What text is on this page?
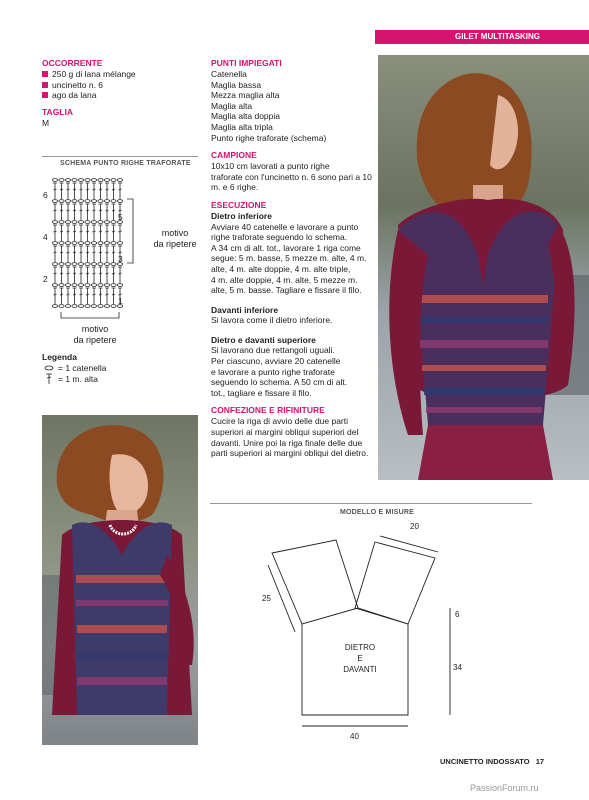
GILET MULTITASKING
OCCORRENTE
250 g di lana mélange
uncinetto n. 6
ago da lana
TAGLIA
M
SCHEMA PUNTO RIGHE TRAFORATE
6
4
2
5
3
1
motivo
da ripetere
motivo
da ripetere
Legenda
= 1 catenella
= 1 m. alta
PUNTI IMPIEGATI
Catenella
Maglia bassa
Mezza maglia alta
Maglia alta
Maglia alta doppia
Maglia alta tripla
Punto righe traforate (schema)
CAMPIONE
10x10 cm lavorati a punto righe
traforate con l'uncinetto n. 6 sono pari a 10
m. e 6 righe.
ESECUZIONE
Dietro inferiore
Avviare 40 catenelle e lavorare a punto
righe traforate seguendo lo schema.
A 34 cm di alt. tot., lavorare 1 riga come
segue: 5 m. basse, 5 mezze m. alte, 4 m.
alte, 4 m. alte doppie, 4 m. alte triple,
4 m. alte doppie, 4 m. alte, 5 mezze m.
alte, 5 m. basse. Tagliare e fissare il filo.
Davanti inferiore
Si lavora come il dietro inferiore.
Dietro e davanti superiore
Si lavorano due rettangoli uguali.
Per ciascuno, avviare 20 catenelle
e lavorare a punto righe traforate
seguendo lo schema. A 50 cm di alt.
tot., tagliare e fissare il filo.
CONFEZIONE E RIFINITURE
Cucire la riga di avvio delle due parti
superiori ai margini obliqui superiori del
davanti. Unire poi la riga finale delle due
parti superiori ai margini obliqui del dietro.
MODELLO E MISURE
20
25
6
34
40
DIETRO
E
DAVANTI
UNCINETTO INDOSSATO 17
PassionForum.ru
